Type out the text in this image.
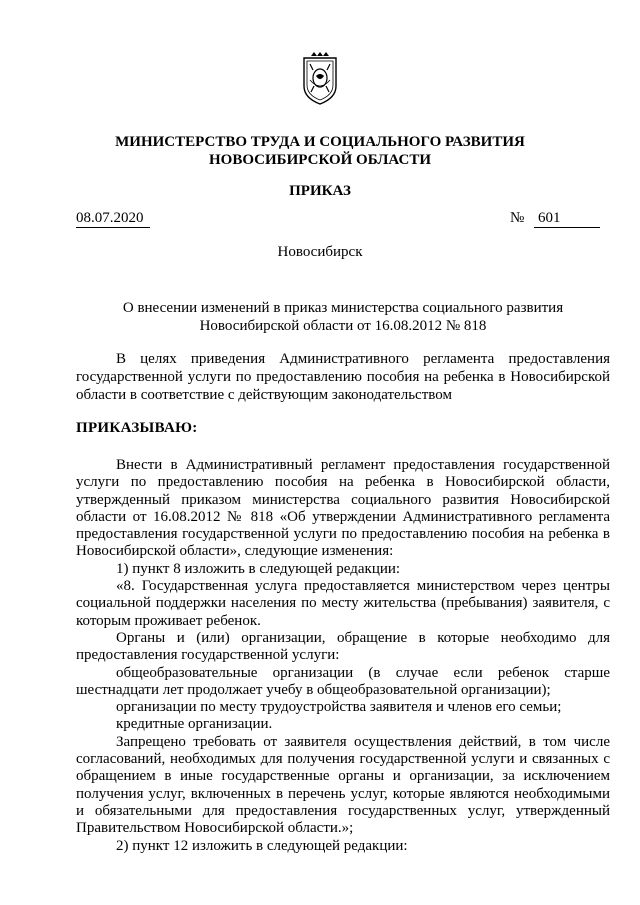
МИНИСТЕРСТВО ТРУДА И СОЦИАЛЬНОГО РАЗВИТИЯ
НОВОСИБИРСКОЙ ОБЛАСТИ
ПРИКАЗ
08.07.2020	№ 601
Новосибирск
О внесении изменений в приказ министерства социального развития
Новосибирской области от 16.08.2012 № 818
В целях приведения Административного регламента предоставления государственной услуги по предоставлению пособия на ребенка в Новосибирской области в соответствие с действующим законодательством
ПРИКАЗЫВАЮ:

Внести в Административный регламент предоставления государственной услуги по предоставлению пособия на ребенка в Новосибирской области, утвержденный приказом министерства социального развития Новосибирской области от 16.08.2012 № 818 «Об утверждении Административного регламента предоставления государственной услуги по предоставлению пособия на ребенка в Новосибирской области», следующие изменения:

1) пункт 8 изложить в следующей редакции:

«8. Государственная услуга предоставляется министерством через центры социальной поддержки населения по месту жительства (пребывания) заявителя, с которым проживает ребенок.

Органы и (или) организации, обращение в которые необходимо для предоставления государственной услуги:

общеобразовательные организации (в случае если ребенок старше шестнадцати лет продолжает учебу в общеобразовательной организации);

организации по месту трудоустройства заявителя и членов его семьи;

кредитные организации.

Запрещено требовать от заявителя осуществления действий, в том числе согласований, необходимых для получения государственной услуги и связанных с обращением в иные государственные органы и организации, за исключением получения услуг, включенных в перечень услуг, которые являются необходимыми и обязательными для предоставления государственных услуг, утвержденный Правительством Новосибирской области.»;

2) пункт 12 изложить в следующей редакции:
